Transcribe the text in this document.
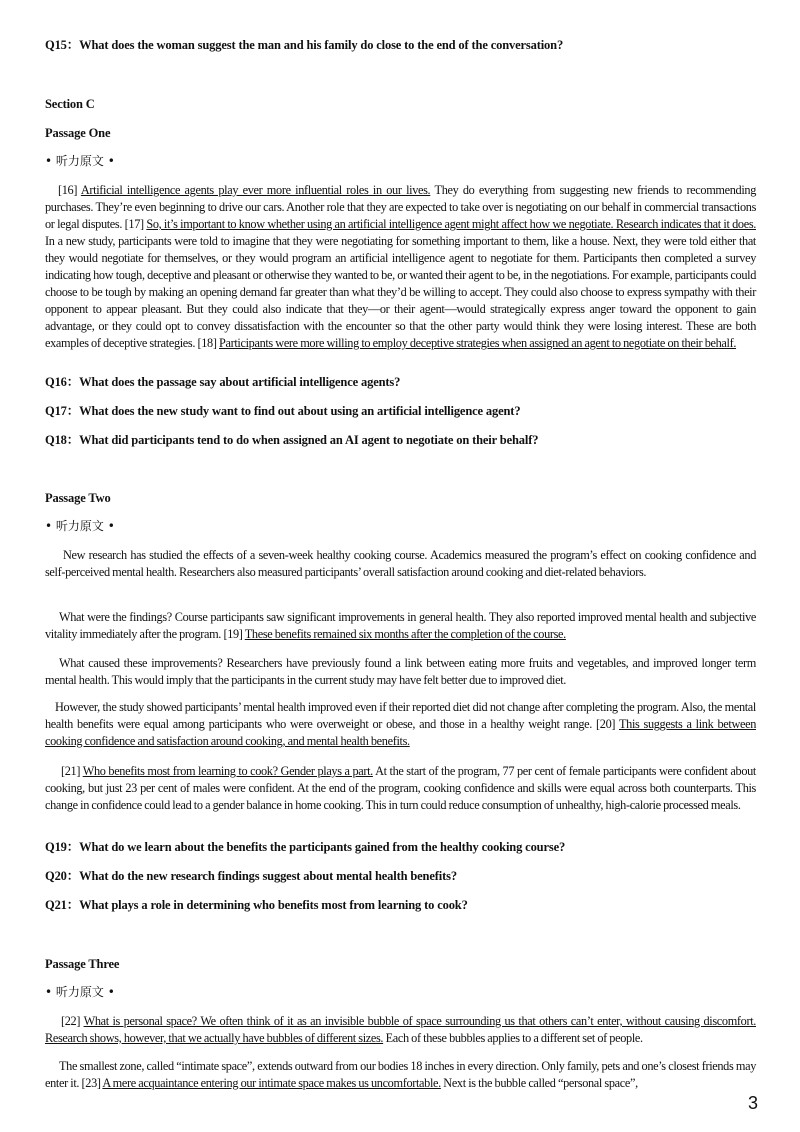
Q15：What does the woman suggest the man and his family do close to the end of the conversation?
Section C
Passage One
• 听力原文 •
[16] Artificial intelligence agents play ever more influential roles in our lives. They do everything from suggesting new friends to recommending purchases. They’re even beginning to drive our cars. Another role that they are expected to take over is negotiating on our behalf in commercial transactions or legal disputes. [17] So, it’s important to know whether using an artificial intelligence agent might affect how we negotiate. Research indicates that it does. In a new study, participants were told to imagine that they were negotiating for something important to them, like a house. Next, they were told either that they would negotiate for themselves, or they would program an artificial intelligence agent to negotiate for them. Participants then completed a survey indicating how tough, deceptive and pleasant or otherwise they wanted to be, or wanted their agent to be, in the negotiations. For example, participants could choose to be tough by making an opening demand far greater than what they’d be willing to accept. They could also choose to express sympathy with their opponent to appear pleasant. But they could also indicate that they—or their agent—would strategically express anger toward the opponent to gain advantage, or they could opt to convey dissatisfaction with the encounter so that the other party would think they were losing interest. These are both examples of deceptive strategies. [18] Participants were more willing to employ deceptive strategies when assigned an agent to negotiate on their behalf.
Q16：What does the passage say about artificial intelligence agents?
Q17：What does the new study want to find out about using an artificial intelligence agent?
Q18：What did participants tend to do when assigned an AI agent to negotiate on their behalf?
Passage Two
• 听力原文 •
New research has studied the effects of a seven-week healthy cooking course. Academics measured the program’s effect on cooking confidence and self-perceived mental health. Researchers also measured participants’ overall satisfaction around cooking and diet-related behaviors.
What were the findings? Course participants saw significant improvements in general health. They also reported improved mental health and subjective vitality immediately after the program. [19] These benefits remained six months after the completion of the course.
What caused these improvements? Researchers have previously found a link between eating more fruits and vegetables, and improved longer term mental health. This would imply that the participants in the current study may have felt better due to improved diet.
However, the study showed participants’ mental health improved even if their reported diet did not change after completing the program. Also, the mental health benefits were equal among participants who were overweight or obese, and those in a healthy weight range. [20] This suggests a link between cooking confidence and satisfaction around cooking, and mental health benefits.
[21] Who benefits most from learning to cook? Gender plays a part. At the start of the program, 77 per cent of female participants were confident about cooking, but just 23 per cent of males were confident. At the end of the program, cooking confidence and skills were equal across both counterparts. This change in confidence could lead to a gender balance in home cooking. This in turn could reduce consumption of unhealthy, high-calorie processed meals.
Q19：What do we learn about the benefits the participants gained from the healthy cooking course?
Q20：What do the new research findings suggest about mental health benefits?
Q21：What plays a role in determining who benefits most from learning to cook?
Passage Three
• 听力原文 •
[22] What is personal space? We often think of it as an invisible bubble of space surrounding us that others can’t enter, without causing discomfort. Research shows, however, that we actually have bubbles of different sizes. Each of these bubbles applies to a different set of people.
The smallest zone, called “intimate space”, extends outward from our bodies 18 inches in every direction. Only family, pets and one’s closest friends may enter it. [23] A mere acquaintance entering our intimate space makes us uncomfortable. Next is the bubble called “personal space”,
3
